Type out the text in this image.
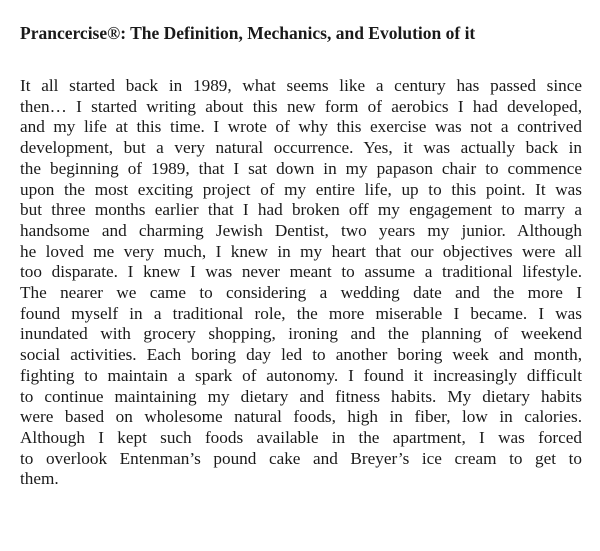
Prancercise®: The Definition, Mechanics, and Evolution of it

It all started back in 1989, what seems like a century has passed since
then… I started writing about this new form of aerobics I had developed,
and my life at this time. I wrote of why this exercise was not a contrived
development, but a very natural occurrence. Yes, it was actually back in
the beginning of 1989, that I sat down in my papason chair to commence
upon the most exciting project of my entire life, up to this point. It was
but three months earlier that I had broken off my engagement to marry a
handsome and charming Jewish Dentist, two years my junior. Although
he loved me very much, I knew in my heart that our objectives were all
too disparate. I knew I was never meant to assume a traditional lifestyle.
The nearer we came to considering a wedding date and the more I
found myself in a traditional role, the more miserable I became. I was
inundated with grocery shopping, ironing and the planning of weekend
social activities. Each boring day led to another boring week and month,
fighting to maintain a spark of autonomy. I found it increasingly difficult
to continue maintaining my dietary and fitness habits. My dietary habits
were based on wholesome natural foods, high in fiber, low in calories.
Although I kept such foods available in the apartment, I was forced
to overlook Entenman’s pound cake and Breyer’s ice cream to get to
them.
